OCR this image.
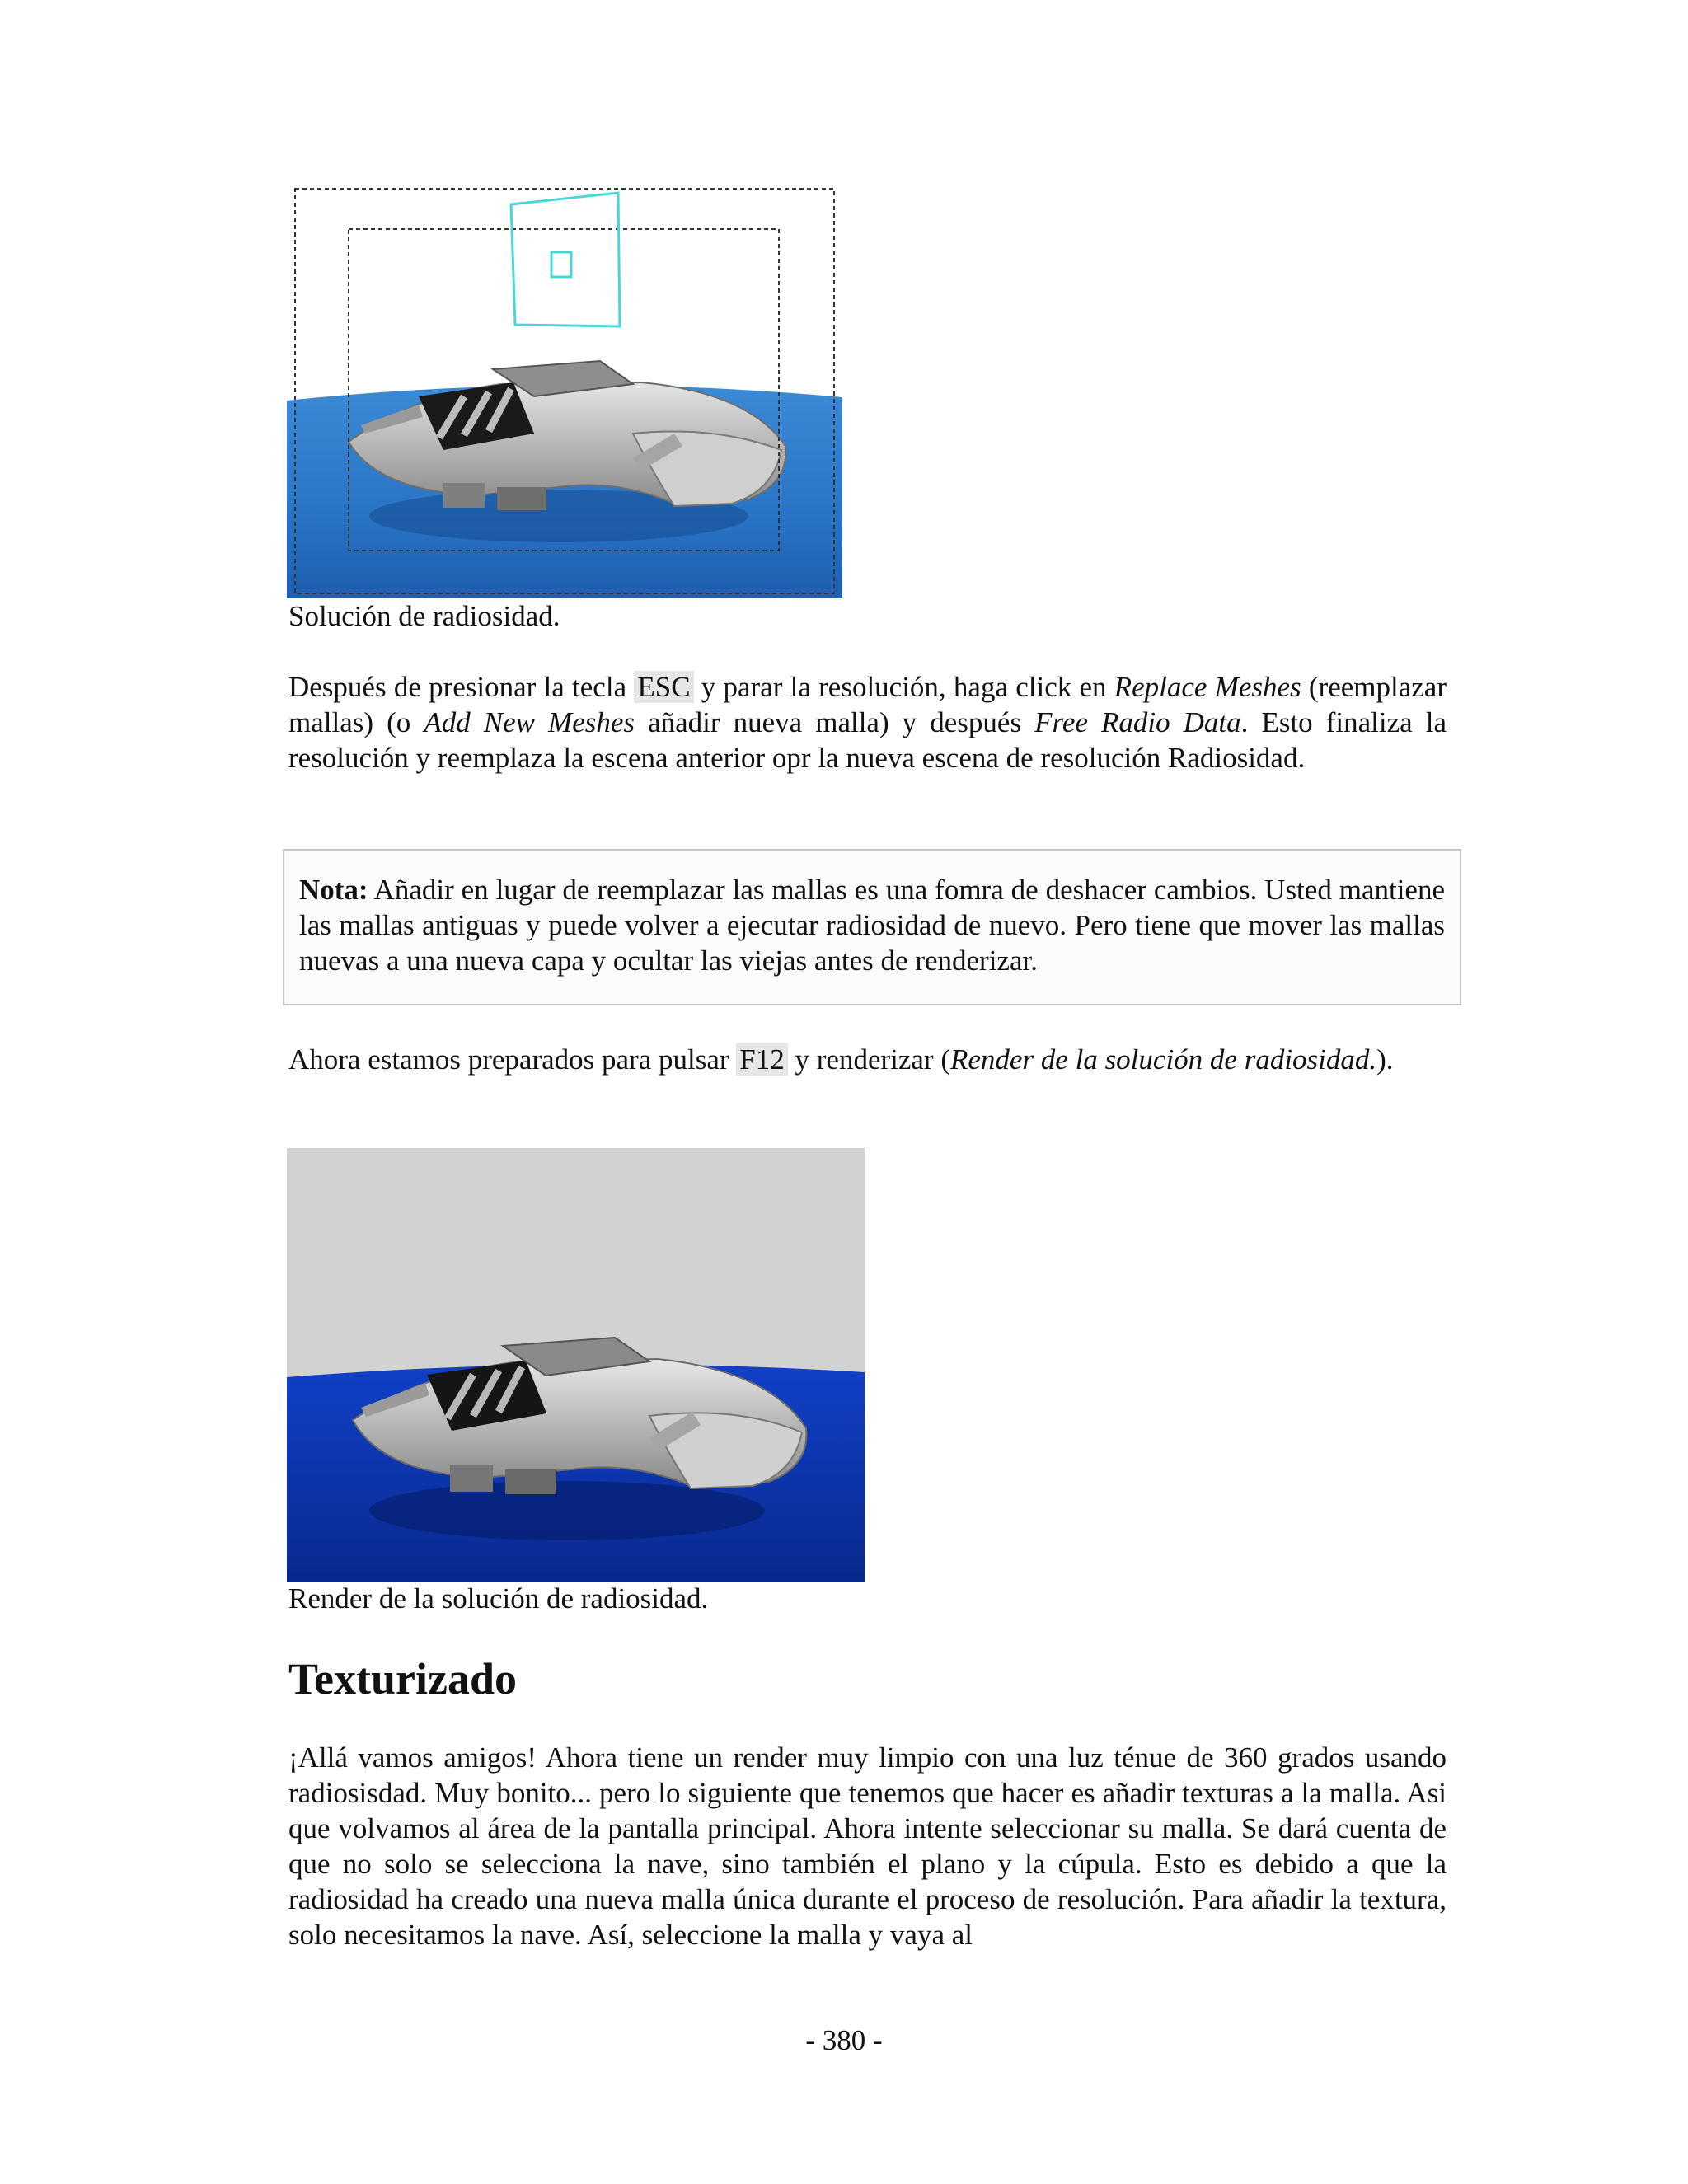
Solución de radiosidad.

Después de presionar la tecla ESC y parar la resolución, haga click en Replace Meshes (reemplazar mallas) (o Add New Meshes añadir nueva malla) y después Free Radio Data. Esto finaliza la resolución y reemplaza la escena anterior opr la nueva escena de resolución Radiosidad.

Nota: Añadir en lugar de reemplazar las mallas es una fomra de deshacer cambios. Usted mantiene las mallas antiguas y puede volver a ejecutar radiosidad de nuevo. Pero tiene que mover las mallas nuevas a una nueva capa y ocultar las viejas antes de renderizar.

Ahora estamos preparados para pulsar F12 y renderizar (Render de la solución de radiosidad.).

Render de la solución de radiosidad.
Texturizado

¡Allá vamos amigos! Ahora tiene un render muy limpio con una luz ténue de 360 grados usando radiosisdad. Muy bonito... pero lo siguiente que tenemos que hacer es añadir texturas a la malla. Asi que volvamos al área de la pantalla principal. Ahora intente seleccionar su malla. Se dará cuenta de que no solo se selecciona la nave, sino también el plano y la cúpula. Esto es debido a que la radiosidad ha creado una nueva malla única durante el proceso de resolución. Para añadir la textura, solo necesitamos la nave. Así, seleccione la malla y vaya al

- 380 -
